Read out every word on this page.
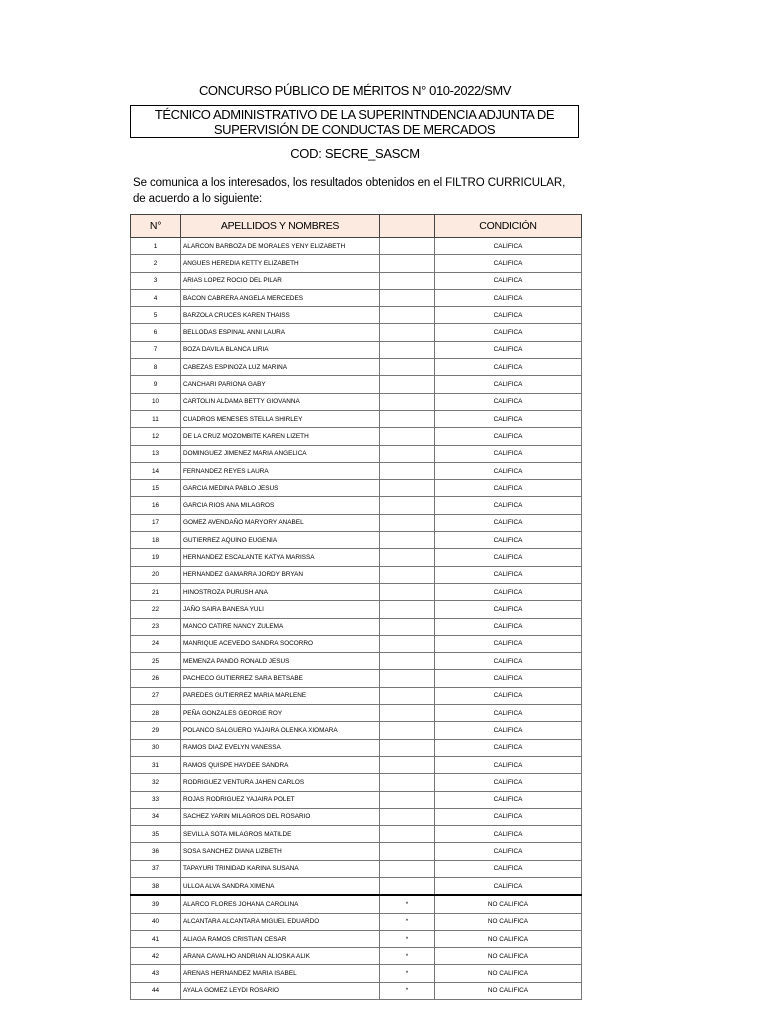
CONCURSO PÚBLICO DE MÉRITOS N° 010-2022/SMV
TÉCNICO ADMINISTRATIVO DE LA SUPERINTNDENCIA ADJUNTA DE
SUPERVISIÓN DE CONDUCTAS DE MERCADOS
COD: SECRE_SASCM
Se comunica a los interesados, los resultados obtenidos en el FILTRO CURRICULAR,
de acuerdo a lo siguiente:
N°	APELLIDOS Y NOMBRES		CONDICIÓN
1	ALARCON BARBOZA DE MORALES YENY ELIZABETH		CALIFICA
2	ANGUES HEREDIA KETTY ELIZABETH		CALIFICA
3	ARIAS LOPEZ ROCIO DEL PILAR		CALIFICA
4	BACON CABRERA ANGELA MERCEDES		CALIFICA
5	BARZOLA CRUCES KAREN THAISS		CALIFICA
6	BELLODAS ESPINAL ANNI LAURA		CALIFICA
7	BOZA DAVILA BLANCA LIRIA		CALIFICA
8	CABEZAS ESPINOZA LUZ MARINA		CALIFICA
9	CANCHARI PARIONA GABY		CALIFICA
10	CARTOLIN ALDAMA BETTY GIOVANNA		CALIFICA
11	CUADROS MENESES STELLA SHIRLEY		CALIFICA
12	DE LA CRUZ MOZOMBITE KAREN LIZETH		CALIFICA
13	DOMINGUEZ JIMENEZ MARIA ANGELICA		CALIFICA
14	FERNANDEZ REYES LAURA		CALIFICA
15	GARCIA MEDINA PABLO JESUS		CALIFICA
16	GARCIA RIOS ANA MILAGROS		CALIFICA
17	GOMEZ AVENDAÑO MARYORY ANABEL		CALIFICA
18	GUTIERREZ AQUINO EUGENIA		CALIFICA
19	HERNANDEZ ESCALANTE KATYA MARISSA		CALIFICA
20	HERNANDEZ GAMARRA JORDY BRYAN		CALIFICA
21	HINOSTROZA PURUSH ANA		CALIFICA
22	JAÑO SAIRA BANESA YULI		CALIFICA
23	MANCO CATIRE NANCY ZULEMA		CALIFICA
24	MANRIQUE ACEVEDO SANDRA SOCORRO		CALIFICA
25	MEMENZA PANDO RONALD JESUS		CALIFICA
26	PACHECO GUTIERREZ SARA BETSABE		CALIFICA
27	PAREDES GUTIERREZ MARIA MARLENE		CALIFICA
28	PEÑA GONZALES GEORGE ROY		CALIFICA
29	POLANCO SALGUERO YAJAIRA OLENKA XIOMARA		CALIFICA
30	RAMOS DIAZ EVELYN VANESSA		CALIFICA
31	RAMOS QUISPE HAYDEE SANDRA		CALIFICA
32	RODRIGUEZ VENTURA JAHEN CARLOS		CALIFICA
33	ROJAS RODRIGUEZ YAJAIRA POLET		CALIFICA
34	SACHEZ YARIN MILAGROS DEL ROSARIO		CALIFICA
35	SEVILLA SOTA MILAGROS MATILDE		CALIFICA
36	SOSA SANCHEZ DIANA LIZBETH		CALIFICA
37	TAPAYURI TRINIDAD KARINA SUSANA		CALIFICA
38	ULLOA ALVA SANDRA XIMENA		CALIFICA
39	ALARCO FLORES JOHANA CAROLINA	*	NO CALIFICA
40	ALCANTARA ALCANTARA MIGUEL EDUARDO	*	NO CALIFICA
41	ALIAGA RAMOS CRISTIAN CESAR	*	NO CALIFICA
42	ARANA CAVALHO ANDRIAN ALIOSKA ALIK	*	NO CALIFICA
43	ARENAS HERNANDEZ MARIA ISABEL	*	NO CALIFICA
44	AYALA GOMEZ LEYDI ROSARIO	*	NO CALIFICA
